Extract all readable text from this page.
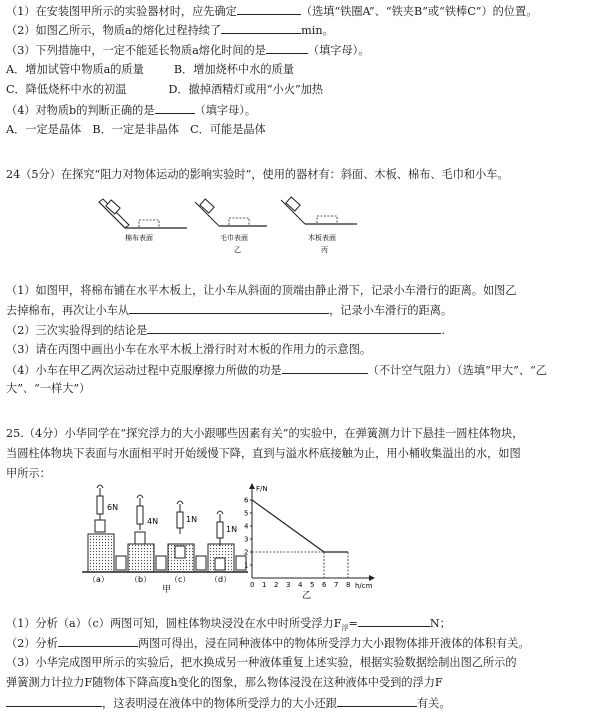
（1）在安装图甲所示的实验器材时，应先确定	（选填“铁圈A”、“铁夹B”或“铁棒C”）的位置。
（2）如图乙所示，物质a的熔化过程持续了	min。
（3）下列措施中，一定不能延长物质a熔化时间的是	（填字母）。
A．增加试管中物质a的质量	B．增加烧杯中水的质量
C．降低烧杯中水的初温	D．撤掉酒精灯或用“小火”加热
（4）对物质b的判断正确的是	（填字母）。
A．一定是晶体　B．一定是非晶体　C．可能是晶体
24（5分）在探究“阻力对物体运动的影响实验时”，使用的器材有：斜面、木板、棉布、毛巾和小车。
棉布表面	毛巾表面
乙
木板表面
丙
（1）如图甲，将棉布铺在水平木板上，让小车从斜面的顶端由静止滑下，记录小车滑行的距离。如图乙
去掉棉布，再次让小车从	，记录小车滑行的距离。
（2）三次实验得到的结论是	.
（3）请在丙图中画出小车在水平木板上滑行时对木板的作用力的示意图。
（4）小车在甲乙两次运动过程中克服摩擦力所做的功是	（不计空气阻力）（选填“甲大”、“乙
大”、“一样大”）
25.（4分）小华同学在“探究浮力的大小跟哪些因素有关”的实验中，在弹簧测力计下悬挂一圆柱体物块，
当圆柱体物块下表面与水面相平时开始缓慢下降，直到与溢水杯底接触为止，用小桶收集溢出的水，如图
甲所示：
6N
4N	1N
1N
（a）	（b） （c） （d）
甲
F/N
h/cm
1
2
3
4
5
6
0 1 2 3 4 5 6 7 8
乙
（1）分析（a）（c）两图可知，圆柱体物块浸没在水中时所受浮力$F_浮=$	N；
（2）分析	两图可得出，浸在同种液体中的物体所受浮力大小跟物体排开液体的体积有关。
（3）小华完成图甲所示的实验后，把水换成另一种液体重复上述实验，根据实验数据绘制出图乙所示的
弹簧测力计拉力F随物体下降高度h变化的图象，那么物体浸没在这种液体中受到的浮力F
，这表明浸在液体中的物体所受浮力的大小还跟	有关。
